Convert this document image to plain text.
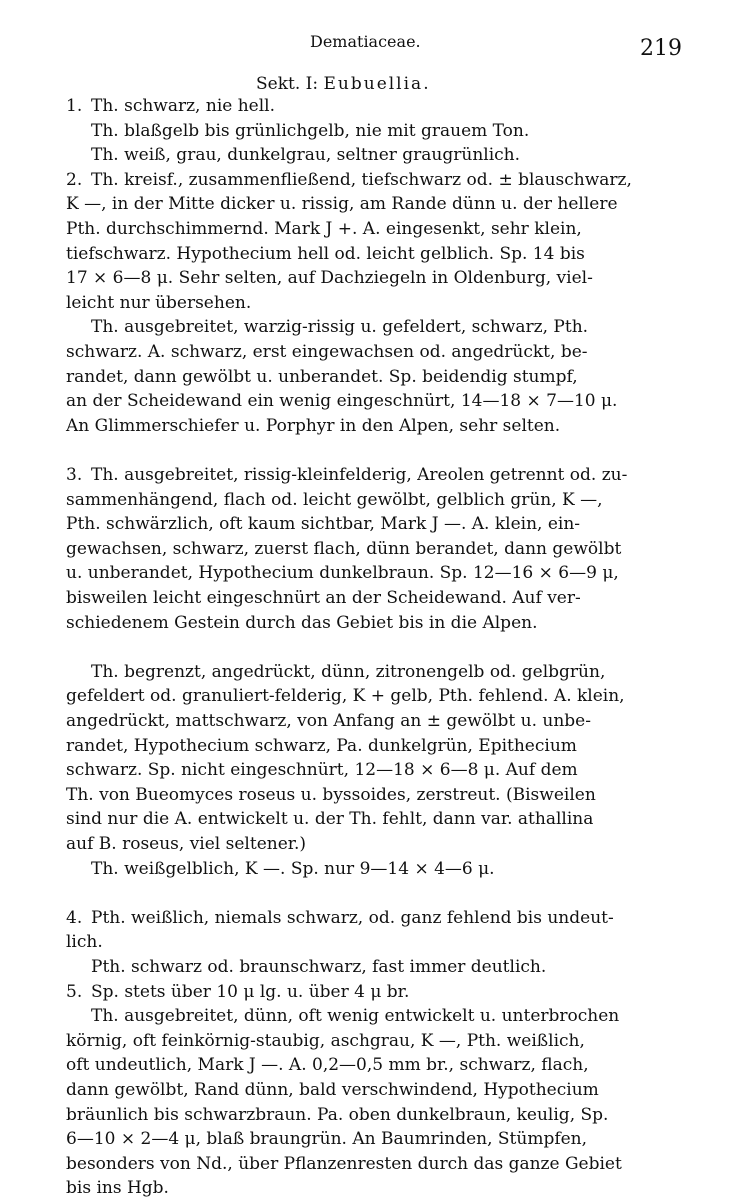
Dematiaceae.	219
Sekt. I: Eubuellia.
1. Th. schwarz, nie hell.
Th. blaßgelb bis grünlichgelb, nie mit grauem Ton.
Th. weiß, grau, dunkelgrau, seltner graugrünlich.
2. Th. kreisf., zusammenfließend, tiefschwarz od. ± blauschwarz,
K —, in der Mitte dicker u. rissig, am Rande dünn u. der hellere
Pth. durchschimmernd. Mark J +. A. eingesenkt, sehr klein,
tiefschwarz. Hypothecium hell od. leicht gelblich. Sp. 14 bis
17 × 6—8 μ. Sehr selten, auf Dachziegeln in Oldenburg, viel-
leicht nur übersehen.
Th. ausgebreitet, warzig-rissig u. gefeldert, schwarz, Pth.
schwarz. A. schwarz, erst eingewachsen od. angedrückt, be-
randet, dann gewölbt u. unberandet. Sp. beidendig stumpf,
an der Scheidewand ein wenig eingeschnürt, 14—18 × 7—10 μ.
An Glimmerschiefer u. Porphyr in den Alpen, sehr selten.
3. Th. ausgebreitet, rissig-kleinfelderig, Areolen getrennt od. zu-
sammenhängend, flach od. leicht gewölbt, gelblich grün, K —,
Pth. schwärzlich, oft kaum sichtbar, Mark J —. A. klein, ein-
gewachsen, schwarz, zuerst flach, dünn berandet, dann gewölbt
u. unberandet, Hypothecium dunkelbraun. Sp. 12—16 × 6—9 μ,
bisweilen leicht eingeschnürt an der Scheidewand. Auf ver-
schiedenem Gestein durch das Gebiet bis in die Alpen.
Th. begrenzt, angedrückt, dünn, zitronengelb od. gelbgrün,
gefeldert od. granuliert-felderig, K + gelb, Pth. fehlend. A. klein,
angedrückt, mattschwarz, von Anfang an ± gewölbt u. unbe-
randet, Hypothecium schwarz, Pa. dunkelgrün, Epithecium
schwarz. Sp. nicht eingeschnürt, 12—18 × 6—8 μ. Auf dem
Th. von Bueomyces roseus u. byssoides, zerstreut. (Bisweilen
sind nur die A. entwickelt u. der Th. fehlt, dann var. athallina
auf B. roseus, viel seltener.)
Th. weißgelblich, K —. Sp. nur 9—14 × 4—6 μ.
4. Pth. weißlich, niemals schwarz, od. ganz fehlend bis undeut-
lich.
Pth. schwarz od. braunschwarz, fast immer deutlich.
5. Sp. stets über 10 μ lg. u. über 4 μ br.
Th. ausgebreitet, dünn, oft wenig entwickelt u. unterbrochen
körnig, oft feinkörnig-staubig, aschgrau, K —, Pth. weißlich,
oft undeutlich, Mark J —. A. 0,2—0,5 mm br., schwarz, flach,
dann gewölbt, Rand dünn, bald verschwindend, Hypothecium
bräunlich bis schwarzbraun. Pa. oben dunkelbraun, keulig, Sp.
6—10 × 2—4 μ, blaß braungrün. An Baumrinden, Stümpfen,
besonders von Nd., über Pflanzenresten durch das ganze Gebiet
bis ins Hgb.
